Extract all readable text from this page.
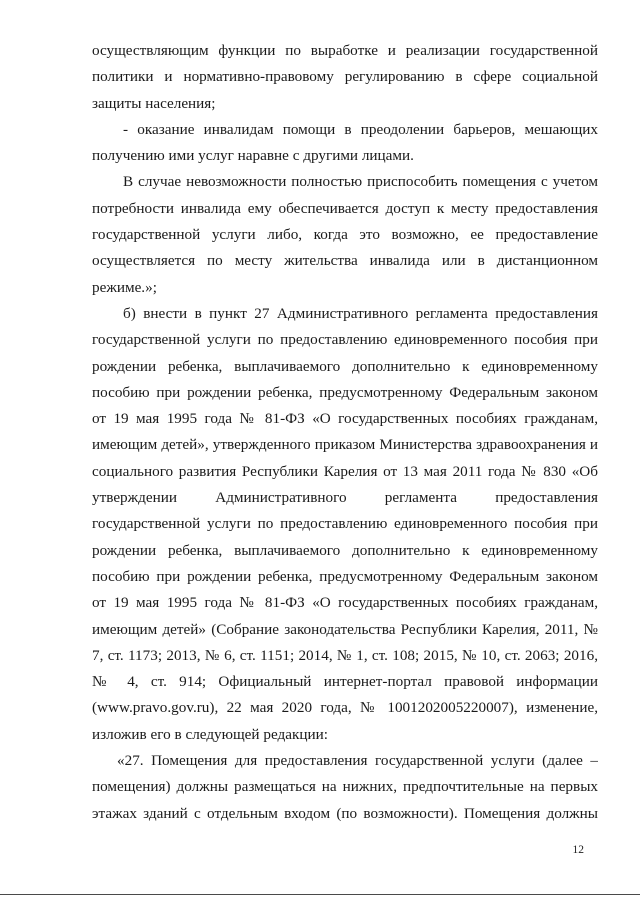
осуществляющим функции по выработке и реализации государственной
политики и нормативно-правовому регулированию в сфере социальной
защиты населения;
- оказание инвалидам помощи в преодолении барьеров, мешающих
получению ими услуг наравне с другими лицами.
В случае невозможности полностью приспособить помещения с учетом
потребности инвалида ему обеспечивается доступ к месту предоставления
государственной услуги либо, когда это возможно, ее предоставление
осуществляется по месту жительства инвалида или в дистанционном
режиме.»;
б) внести в пункт 27 Административного регламента предоставления
государственной услуги по предоставлению единовременного пособия при
рождении ребенка, выплачиваемого дополнительно к единовременному
пособию при рождении ребенка, предусмотренному Федеральным законом
от 19 мая 1995 года № 81-ФЗ «О государственных пособиях гражданам,
имеющим детей», утвержденного приказом Министерства здравоохранения и
социального развития Республики Карелия от 13 мая 2011 года № 830 «Об
утверждении Административного регламента предоставления
государственной услуги по предоставлению единовременного пособия при
рождении ребенка, выплачиваемого дополнительно к единовременному
пособию при рождении ребенка, предусмотренному Федеральным законом
от 19 мая 1995 года № 81-ФЗ «О государственных пособиях гражданам,
имеющим детей» (Собрание законодательства Республики Карелия, 2011, №
7, ст. 1173; 2013, № 6, ст. 1151; 2014, № 1, ст. 108; 2015, № 10, ст. 2063; 2016,
№ 4, ст. 914; Официальный интернет-портал правовой информации
(www.pravo.gov.ru), 22 мая 2020 года, № 1001202005220007), изменение,
изложив его в следующей редакции:
«27. Помещения для предоставления государственной услуги (далее –
помещения) должны размещаться на нижних, предпочтительные на первых
этажах зданий с отдельным входом (по возможности). Помещения должны
12
